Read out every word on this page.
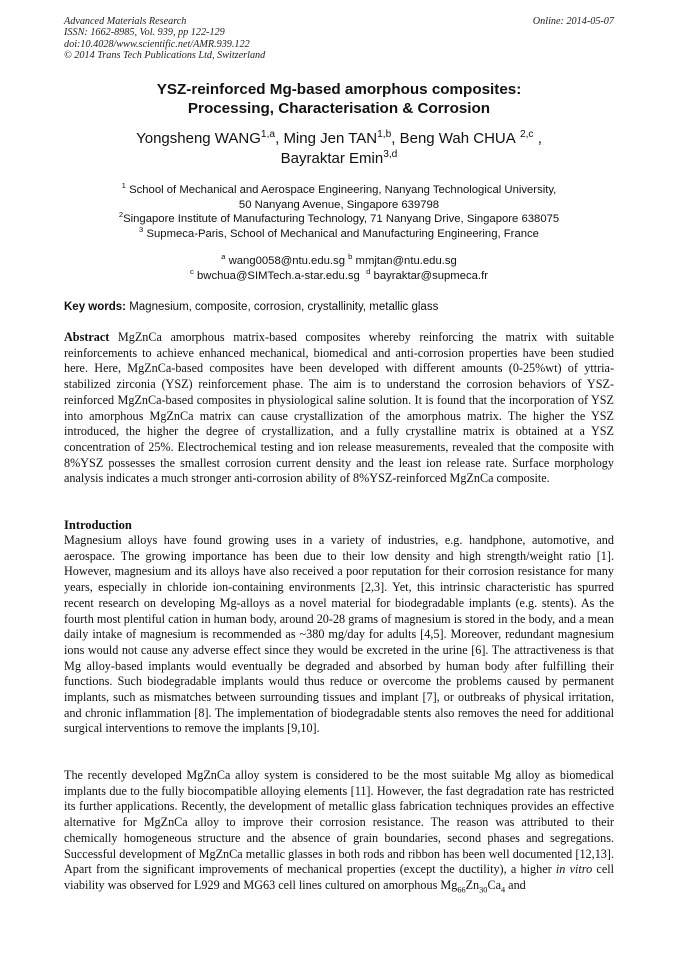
Advanced Materials Research
ISSN: 1662-8985, Vol. 939, pp 122-129
doi:10.4028/www.scientific.net/AMR.939.122
© 2014 Trans Tech Publications Ltd, Switzerland
Online: 2014-05-07
YSZ-reinforced Mg-based amorphous composites:
Processing, Characterisation & Corrosion
Yongsheng WANG$^{1,a}$, Ming Jen TAN$^{1,b}$, Beng Wah CHUA $^{2,c}$ ,
Bayraktar Emin$^{3,d}$
$^1$ School of Mechanical and Aerospace Engineering, Nanyang Technological University,
50 Nanyang Avenue, Singapore 639798
$^2$Singapore Institute of Manufacturing Technology, 71 Nanyang Drive, Singapore 638075
$^3$ Supmeca-Paris, School of Mechanical and Manufacturing Engineering, France
$^a$ wang0058@ntu.edu.sg $^b$ mmjtan@ntu.edu.sg
$^c$ bwchua@SIMTech.a-star.edu.sg $^d$ bayraktar@supmeca.fr
Key words: Magnesium, composite, corrosion, crystallinity, metallic glass
Abstract MgZnCa amorphous matrix-based composites whereby reinforcing the matrix with suitable reinforcements to achieve enhanced mechanical, biomedical and anti-corrosion properties have been studied here. Here, MgZnCa-based composites have been developed with different amounts (0-25%wt) of yttria-stabilized zirconia (YSZ) reinforcement phase. The aim is to understand the corrosion behaviors of YSZ-reinforced MgZnCa-based composites in physiological saline solution. It is found that the incorporation of YSZ into amorphous MgZnCa matrix can cause crystallization of the amorphous matrix. The higher the YSZ introduced, the higher the degree of crystallization, and a fully crystalline matrix is obtained at a YSZ concentration of 25%. Electrochemical testing and ion release measurements, revealed that the composite with 8%YSZ possesses the smallest corrosion current density and the least ion release rate. Surface morphology analysis indicates a much stronger anti-corrosion ability of 8%YSZ-reinforced MgZnCa composite.
Introduction
Magnesium alloys have found growing uses in a variety of industries, e.g. handphone, automotive, and aerospace. The growing importance has been due to their low density and high strength/weight ratio [1]. However, magnesium and its alloys have also received a poor reputation for their corrosion resistance for many years, especially in chloride ion-containing environments [2,3]. Yet, this intrinsic characteristic has spurred recent research on developing Mg-alloys as a novel material for biodegradable implants (e.g. stents). As the fourth most plentiful cation in human body, around 20-28 grams of magnesium is stored in the body, and a mean daily intake of magnesium is recommended as ~380 mg/day for adults [4,5]. Moreover, redundant magnesium ions would not cause any adverse effect since they would be excreted in the urine [6]. The attractiveness is that Mg alloy-based implants would eventually be degraded and absorbed by human body after fulfilling their functions. Such biodegradable implants would thus reduce or overcome the problems caused by permanent implants, such as mismatches between surrounding tissues and implant [7], or outbreaks of physical irritation, and chronic inflammation [8]. The implementation of biodegradable stents also removes the need for additional surgical interventions to remove the implants [9,10].
The recently developed MgZnCa alloy system is considered to be the most suitable Mg alloy as biomedical implants due to the fully biocompatible alloying elements [11]. However, the fast degradation rate has restricted its further applications. Recently, the development of metallic glass fabrication techniques provides an effective alternative for MgZnCa alloy to improve their corrosion resistance. The reason was attributed to their chemically homogeneous structure and the absence of grain boundaries, second phases and segregations. Successful development of MgZnCa metallic glasses in both rods and ribbon has been well documented [12,13]. Apart from the significant improvements of mechanical properties (except the ductility), a higher in vitro cell viability was observed for L929 and MG63 cell lines cultured on amorphous $Mg_{66}Zn_{30}Ca_4$ and
